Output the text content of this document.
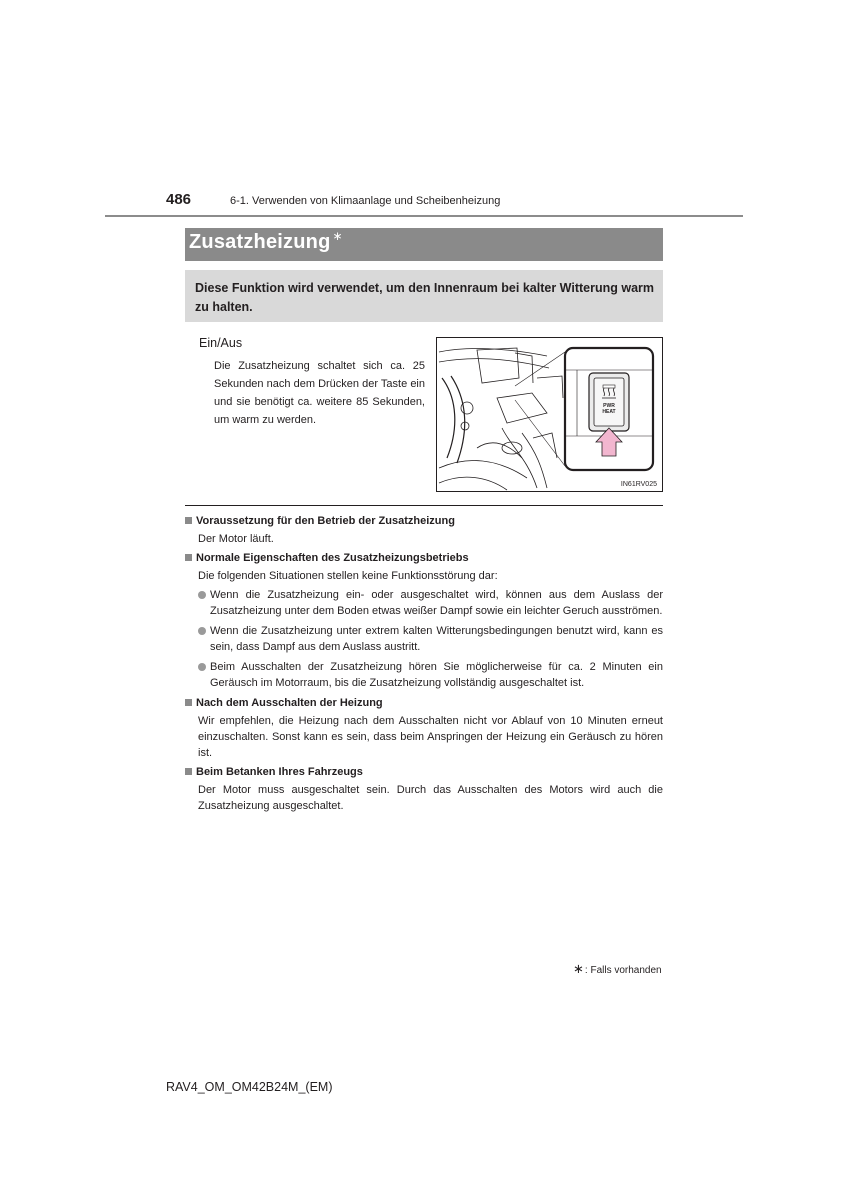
486	6-1. Verwenden von Klimaanlage und Scheibenheizung
Zusatzheizung ∗
Diese Funktion wird verwendet, um den Innenraum bei kalter Witterung warm zu halten.
Ein/Aus
Die Zusatzheizung schaltet sich ca. 25 Sekunden nach dem Drücken der Taste ein und sie benötigt ca. weitere 85 Sekunden, um warm zu werden.
PWR
HEAT
IN61RV025

Voraussetzung für den Betrieb der Zusatzheizung

Der Motor läuft.

Normale Eigenschaften des Zusatzheizungsbetriebs

Die folgenden Situationen stellen keine Funktionsstörung dar:

Wenn die Zusatzheizung ein- oder ausgeschaltet wird, können aus dem Auslass der Zusatzheizung unter dem Boden etwas weißer Dampf sowie ein leichter Geruch ausströmen.
Wenn die Zusatzheizung unter extrem kalten Witterungsbedingungen benutzt wird, kann es sein, dass Dampf aus dem Auslass austritt.
Beim Ausschalten der Zusatzheizung hören Sie möglicherweise für ca. 2 Minuten ein Geräusch im Motorraum, bis die Zusatzheizung vollständig ausgeschaltet ist.

Nach dem Ausschalten der Heizung

Wir empfehlen, die Heizung nach dem Ausschalten nicht vor Ablauf von 10 Minuten erneut einzuschalten. Sonst kann es sein, dass beim Anspringen der Heizung ein Geräusch zu hören ist.

Beim Betanken Ihres Fahrzeugs

Der Motor muss ausgeschaltet sein. Durch das Ausschalten des Motors wird auch die Zusatzheizung ausgeschaltet.

∗: Falls vorhanden
RAV4_OM_OM42B24M_(EM)
